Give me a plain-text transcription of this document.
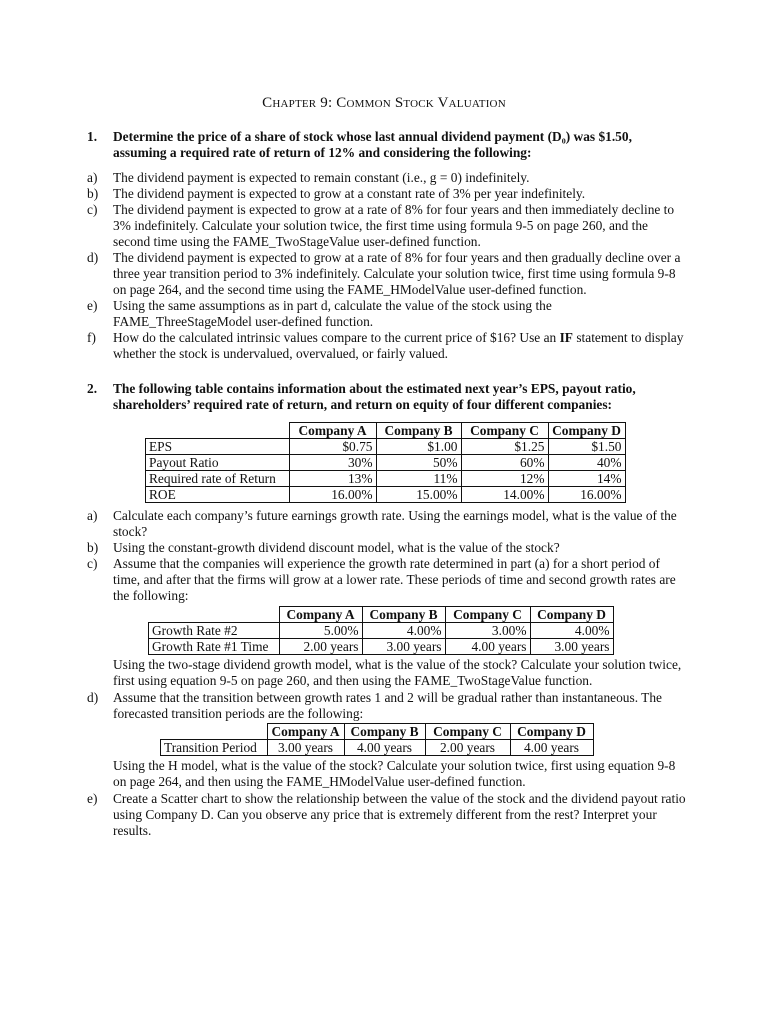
Chapter 9: Common Stock Valuation
1. Determine the price of a share of stock whose last annual dividend payment (D₀) was $1.50, assuming a required rate of return of 12% and considering the following:
a) The dividend payment is expected to remain constant (i.e., g = 0) indefinitely.
b) The dividend payment is expected to grow at a constant rate of 3% per year indefinitely.
c) The dividend payment is expected to grow at a rate of 8% for four years and then immediately decline to 3% indefinitely. Calculate your solution twice, the first time using formula 9-5 on page 260, and the second time using the FAME_TwoStageValue user-defined function.
d) The dividend payment is expected to grow at a rate of 8% for four years and then gradually decline over a three year transition period to 3% indefinitely. Calculate your solution twice, first time using formula 9-8 on page 264, and the second time using the FAME_HModelValue user-defined function.
e) Using the same assumptions as in part d, calculate the value of the stock using the FAME_ThreeStageModel user-defined function.
f) How do the calculated intrinsic values compare to the current price of $16? Use an IF statement to display whether the stock is undervalued, overvalued, or fairly valued.
2. The following table contains information about the estimated next year’s EPS, payout ratio, shareholders’ required rate of return, and return on equity of four different companies:
	Company A	Company B	Company C	Company D
EPS	$0.75	$1.00	$1.25	$1.50
Payout Ratio	30%	50%	60%	40%
Required rate of Return	13%	11%	12%	14%
ROE	16.00%	15.00%	14.00%	16.00%
a) Calculate each company’s future earnings growth rate. Using the earnings model, what is the value of the stock?
b) Using the constant-growth dividend discount model, what is the value of the stock?
c) Assume that the companies will experience the growth rate determined in part (a) for a short period of time, and after that the firms will grow at a lower rate. These periods of time and second growth rates are the following:
	Company A	Company B	Company C	Company D
Growth Rate #2	5.00%	4.00%	3.00%	4.00%
Growth Rate #1 Time	2.00 years	3.00 years	4.00 years	3.00 years
Using the two-stage dividend growth model, what is the value of the stock? Calculate your solution twice, first using equation 9-5 on page 260, and then using the FAME_TwoStageValue function.
d) Assume that the transition between growth rates 1 and 2 will be gradual rather than instantaneous. The forecasted transition periods are the following:
	Company A	Company B	Company C	Company D
Transition Period	3.00 years	4.00 years	2.00 years	4.00 years
Using the H model, what is the value of the stock? Calculate your solution twice, first using equation 9-8 on page 264, and then using the FAME_HModelValue user-defined function.
e) Create a Scatter chart to show the relationship between the value of the stock and the dividend payout ratio using Company D. Can you observe any price that is extremely different from the rest? Interpret your results.
